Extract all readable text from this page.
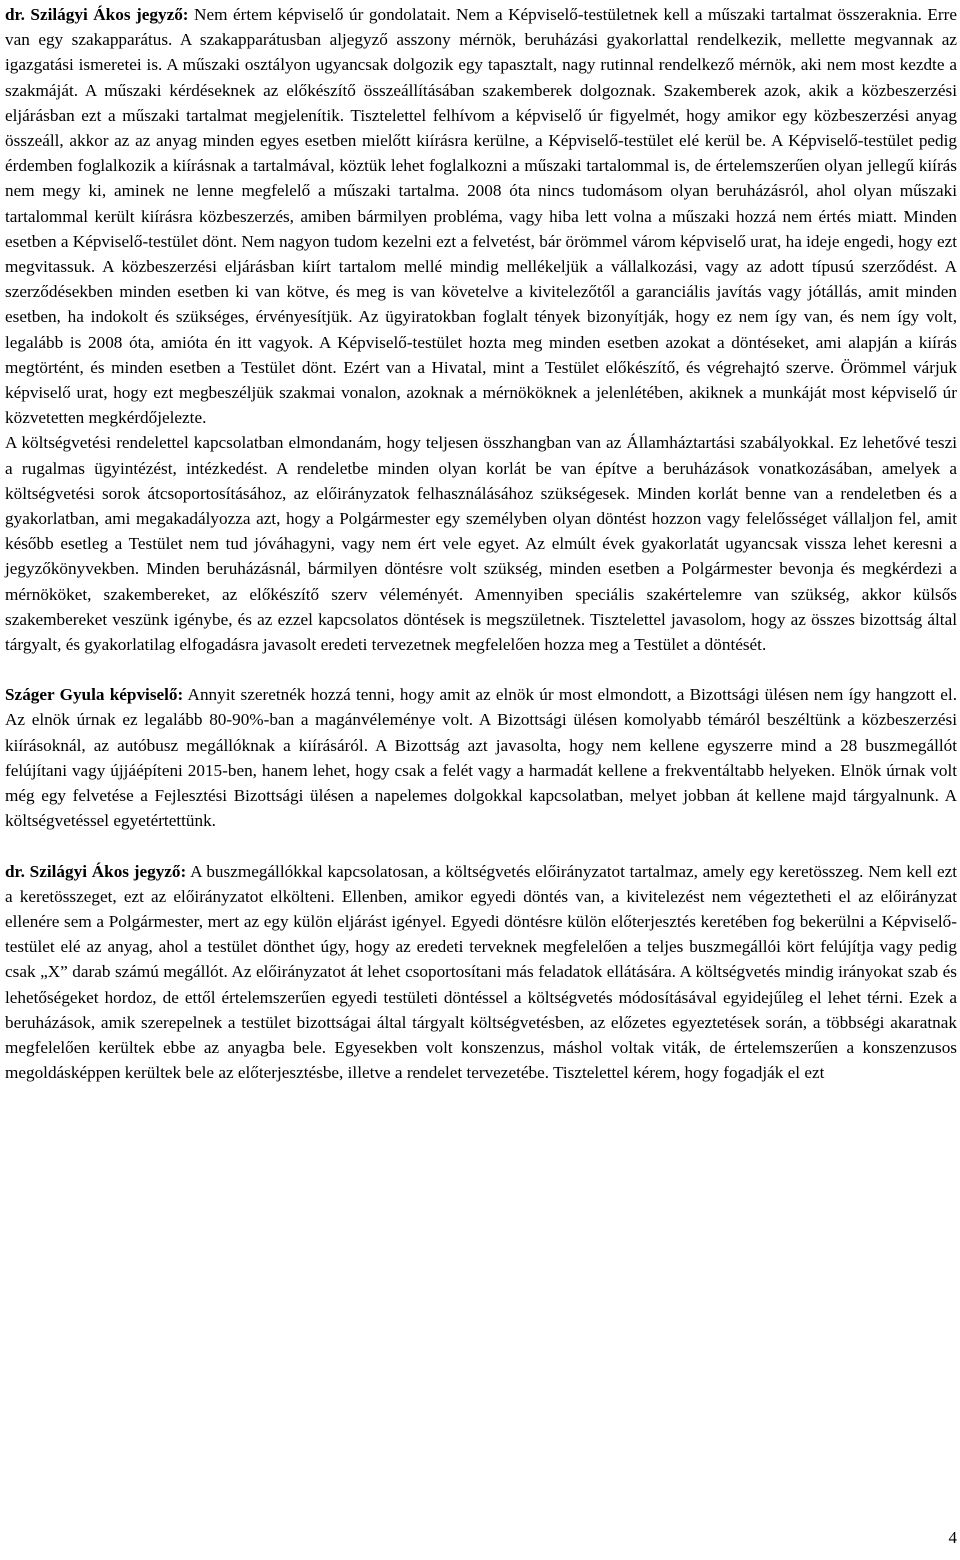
dr. Szilágyi Ákos jegyző: Nem értem képviselő úr gondolatait. Nem a Képviselő-testületnek kell a műszaki tartalmat összeraknia. Erre van egy szakapparátus. A szakapparátusban aljegyző asszony mérnök, beruházási gyakorlattal rendelkezik, mellette megvannak az igazgatási ismeretei is. A műszaki osztályon ugyancsak dolgozik egy tapasztalt, nagy rutinnal rendelkező mérnök, aki nem most kezdte a szakmáját. A műszaki kérdéseknek az előkészítő összeállításában szakemberek dolgoznak. Szakemberek azok, akik a közbeszerzési eljárásban ezt a műszaki tartalmat megjelenítik. Tisztelettel felhívom a képviselő úr figyelmét, hogy amikor egy közbeszerzési anyag összeáll, akkor az az anyag minden egyes esetben mielőtt kiírásra kerülne, a Képviselő-testület elé kerül be. A Képviselő-testület pedig érdemben foglalkozik a kiírásnak a tartalmával, köztük lehet foglalkozni a műszaki tartalommal is, de értelemszerűen olyan jellegű kiírás nem megy ki, aminek ne lenne megfelelő a műszaki tartalma. 2008 óta nincs tudomásom olyan beruházásról, ahol olyan műszaki tartalommal került kiírásra közbeszerzés, amiben bármilyen probléma, vagy hiba lett volna a műszaki hozzá nem értés miatt. Minden esetben a Képviselő-testület dönt. Nem nagyon tudom kezelni ezt a felvetést, bár örömmel várom képviselő urat, ha ideje engedi, hogy ezt megvitassuk. A közbeszerzési eljárásban kiírt tartalom mellé mindig mellékeljük a vállalkozási, vagy az adott típusú szerződést. A szerződésekben minden esetben ki van kötve, és meg is van követelve a kivitelezőtől a garanciális javítás vagy jótállás, amit minden esetben, ha indokolt és szükséges, érvényesítjük. Az ügyiratokban foglalt tények bizonyítják, hogy ez nem így van, és nem így volt, legalább is 2008 óta, amióta én itt vagyok. A Képviselő-testület hozta meg minden esetben azokat a döntéseket, ami alapján a kiírás megtörtént, és minden esetben a Testület dönt. Ezért van a Hivatal, mint a Testület előkészítő, és végrehajtó szerve. Örömmel várjuk képviselő urat, hogy ezt megbeszéljük szakmai vonalon, azoknak a mérnököknek a jelenlétében, akiknek a munkáját most képviselő úr közvetetten megkérdőjelezte.

A költségvetési rendelettel kapcsolatban elmondanám, hogy teljesen összhangban van az Államháztartási szabályokkal. Ez lehetővé teszi a rugalmas ügyintézést, intézkedést. A rendeletbe minden olyan korlát be van építve a beruházások vonatkozásában, amelyek a költségvetési sorok átcsoportosításához, az előirányzatok felhasználásához szükségesek. Minden korlát benne van a rendeletben és a gyakorlatban, ami megakadályozza azt, hogy a Polgármester egy személyben olyan döntést hozzon vagy felelősséget vállaljon fel, amit később esetleg a Testület nem tud jóváhagyni, vagy nem ért vele egyet. Az elmúlt évek gyakorlatát ugyancsak vissza lehet keresni a jegyzőkönyvekben. Minden beruházásnál, bármilyen döntésre volt szükség, minden esetben a Polgármester bevonja és megkérdezi a mérnököket, szakembereket, az előkészítő szerv véleményét. Amennyiben speciális szakértelemre van szükség, akkor külsős szakembereket veszünk igénybe, és az ezzel kapcsolatos döntések is megszületnek. Tisztelettel javasolom, hogy az összes bizottság által tárgyalt, és gyakorlatilag elfogadásra javasolt eredeti tervezetnek megfelelően hozza meg a Testület a döntését.

Száger Gyula képviselő: Annyit szeretnék hozzá tenni, hogy amit az elnök úr most elmondott, a Bizottsági ülésen nem így hangzott el. Az elnök úrnak ez legalább 80-90%-ban a magánvéleménye volt. A Bizottsági ülésen komolyabb témáról beszéltünk a közbeszerzési kiírásoknál, az autóbusz megállóknak a kiírásáról. A Bizottság azt javasolta, hogy nem kellene egyszerre mind a 28 buszmegállót felújítani vagy újjáépíteni 2015-ben, hanem lehet, hogy csak a felét vagy a harmadát kellene a frekventáltabb helyeken. Elnök úrnak volt még egy felvetése a Fejlesztési Bizottsági ülésen a napelemes dolgokkal kapcsolatban, melyet jobban át kellene majd tárgyalnunk. A költségvetéssel egyetértettünk.

dr. Szilágyi Ákos jegyző: A buszmegállókkal kapcsolatosan, a költségvetés előirányzatot tartalmaz, amely egy keretösszeg. Nem kell ezt a keretösszeget, ezt az előirányzatot elkölteni. Ellenben, amikor egyedi döntés van, a kivitelezést nem végeztetheti el az előirányzat ellenére sem a Polgármester, mert az egy külön eljárást igényel. Egyedi döntésre külön előterjesztés keretében fog bekerülni a Képviselő-testület elé az anyag, ahol a testület dönthet úgy, hogy az eredeti terveknek megfelelően a teljes buszmegállói kört felújítja vagy pedig csak „X” darab számú megállót. Az előirányzatot át lehet csoportosítani más feladatok ellátására. A költségvetés mindig irányokat szab és lehetőségeket hordoz, de ettől értelemszerűen egyedi testületi döntéssel a költségvetés módosításával egyidejűleg el lehet térni. Ezek a beruházások, amik szerepelnek a testület bizottságai által tárgyalt költségvetésben, az előzetes egyeztetések során, a többségi akaratnak megfelelően kerültek ebbe az anyagba bele. Egyesekben volt konszenzus, máshol voltak viták, de értelemszerűen a konszenzusos megoldásképpen kerültek bele az előterjesztésbe, illetve a rendelet tervezetébe. Tisztelettel kérem, hogy fogadják el ezt

4
